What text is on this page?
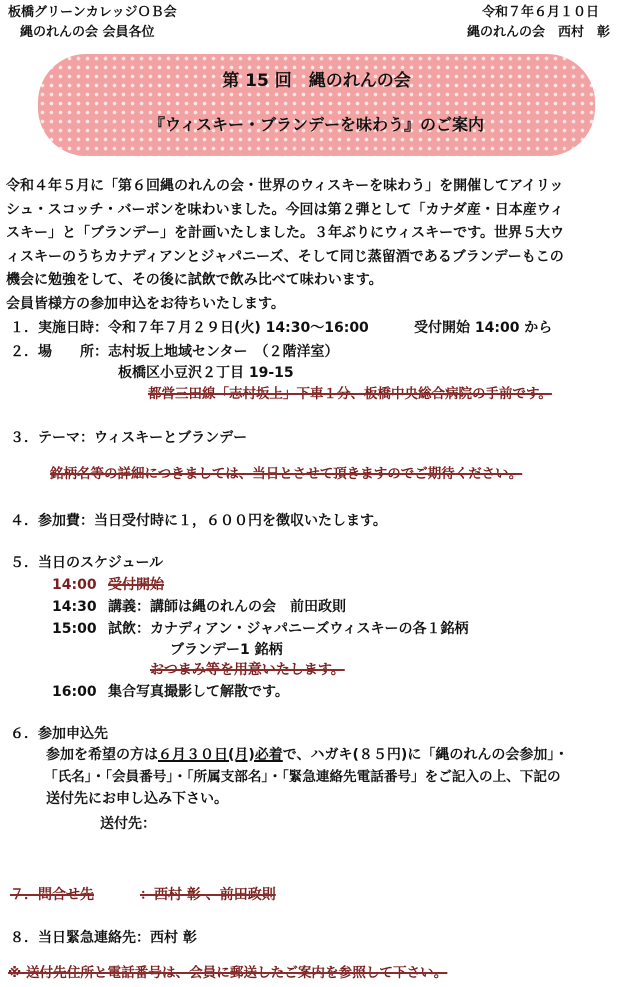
板橋グリーンカレッジＯＢ会
縄のれんの会 会員各位
令和７年６月１０日
縄のれんの会　西村　彰
第 15 回　縄のれんの会
『ウィスキー・ブランデーを味わう』のご案内
令和４年５月に「第６回縄のれんの会・世界のウィスキーを味わう」を開催してアイリッ
シュ・スコッチ・バーボンを味わいました。今回は第２弾として「カナダ産・日本産ウィ
スキー」と「ブランデー」を計画いたしました。３年ぶりにウィスキーです。世界５大ウ
ィスキーのうちカナディアンとジャパニーズ、そして同じ蒸留酒であるブランデーもこの
機会に勉強をして、その後に試飲で飲み比べて味わいます。
会員皆様方の参加申込をお待ちいたします。
１．実施日時：令和７年７月２９日(火) 14:30～16:00	受付開始 14:00 から
２．場　　所：志村坂上地域センター　（２階洋室）
板橋区小豆沢２丁目 19-15
都営三田線「志村坂上」下車１分、板橋中央総合病院の手前です。
３．テーマ：ウィスキーとブランデー
銘柄名等の詳細につきましては、当日とさせて頂きますのでご期待ください。
４．参加費：当日受付時に１，６００円を徴収いたします。
５．当日のスケジュール
14:00 受付開始
14:30 講義：講師は縄のれんの会　前田政則
15:00 試飲：カナディアン・ジャパニーズウィスキーの各１銘柄
ブランデー1 銘柄
おつまみ等を用意いたします。
16:00 集合写真撮影して解散です。
６．参加申込先
参加を希望の方は６月３０日(月)必着で、ハガキ(８５円)に「縄のれんの会参加」・
「氏名」・「会員番号」・「所属支部名」・「緊急連絡先電話番号」をご記入の上、下記の
送付先にお申し込み下さい。
送付先：
７．問合せ先	：西村 彰 、前田政則
８．当日緊急連絡先：西村 彰
※ 送付先住所と電話番号は、会員に郵送したご案内を参照して下さい。
